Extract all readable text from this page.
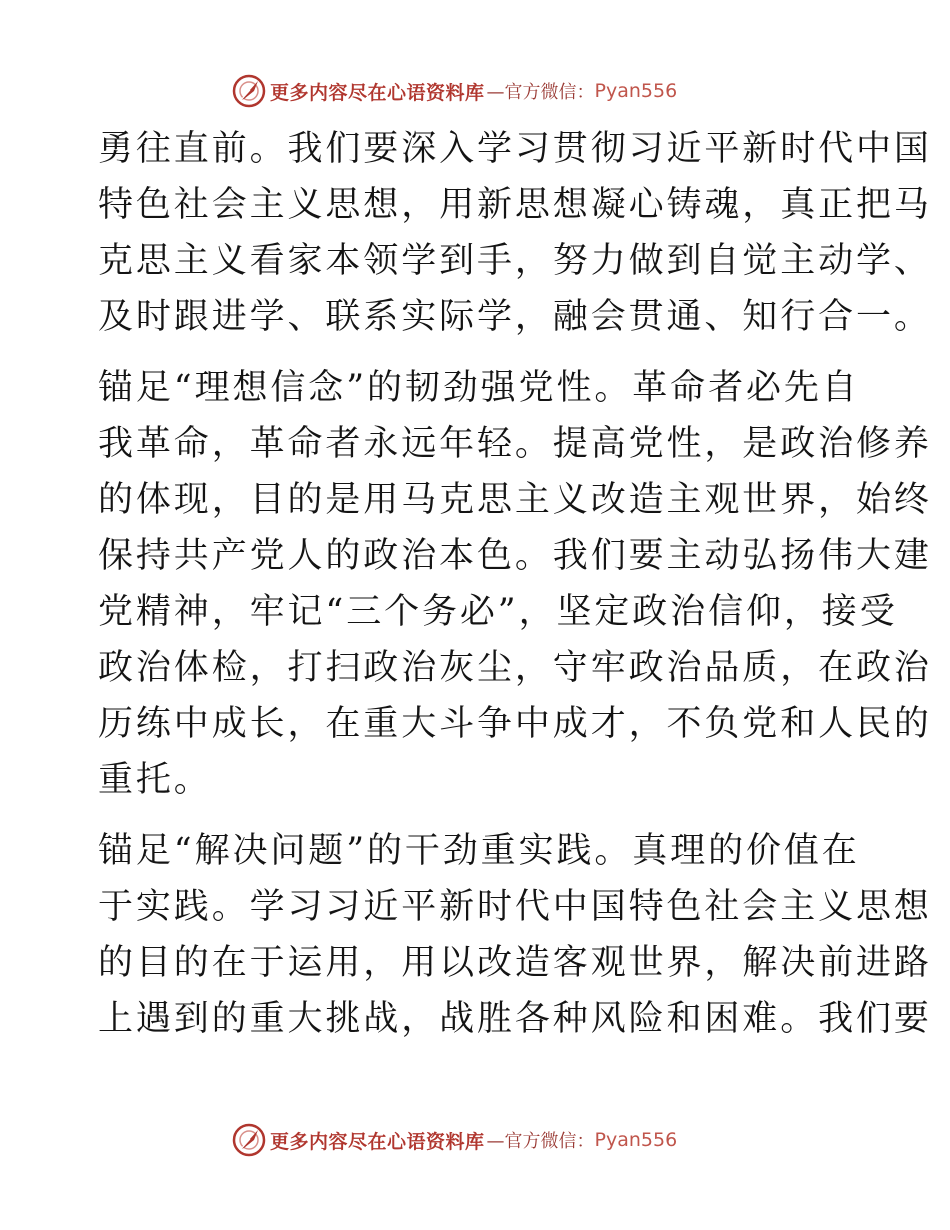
更多内容尽在心语资料库 —官方微信： Pyan556

勇往直前。我们要深入学习贯彻习近平新时代中国
特色社会主义思想，用新思想凝心铸魂，真正把马
克思主义看家本领学到手，努力做到自觉主动学、
及时跟进学、联系实际学，融会贯通、知行合一。

锚足“理想信念”的韧劲强党性。革命者必先自
我革命，革命者永远年轻。提高党性，是政治修养
的体现，目的是用马克思主义改造主观世界，始终
保持共产党人的政治本色。我们要主动弘扬伟大建
党精神，牢记“三个务必”，坚定政治信仰，接受
政治体检，打扫政治灰尘，守牢政治品质，在政治
历练中成长，在重大斗争中成才，不负党和人民的
重托。

锚足“解决问题”的干劲重实践。真理的价值在
于实践。学习习近平新时代中国特色社会主义思想
的目的在于运用，用以改造客观世界，解决前进路
上遇到的重大挑战，战胜各种风险和困难。我们要

更多内容尽在心语资料库 —官方微信： Pyan556
